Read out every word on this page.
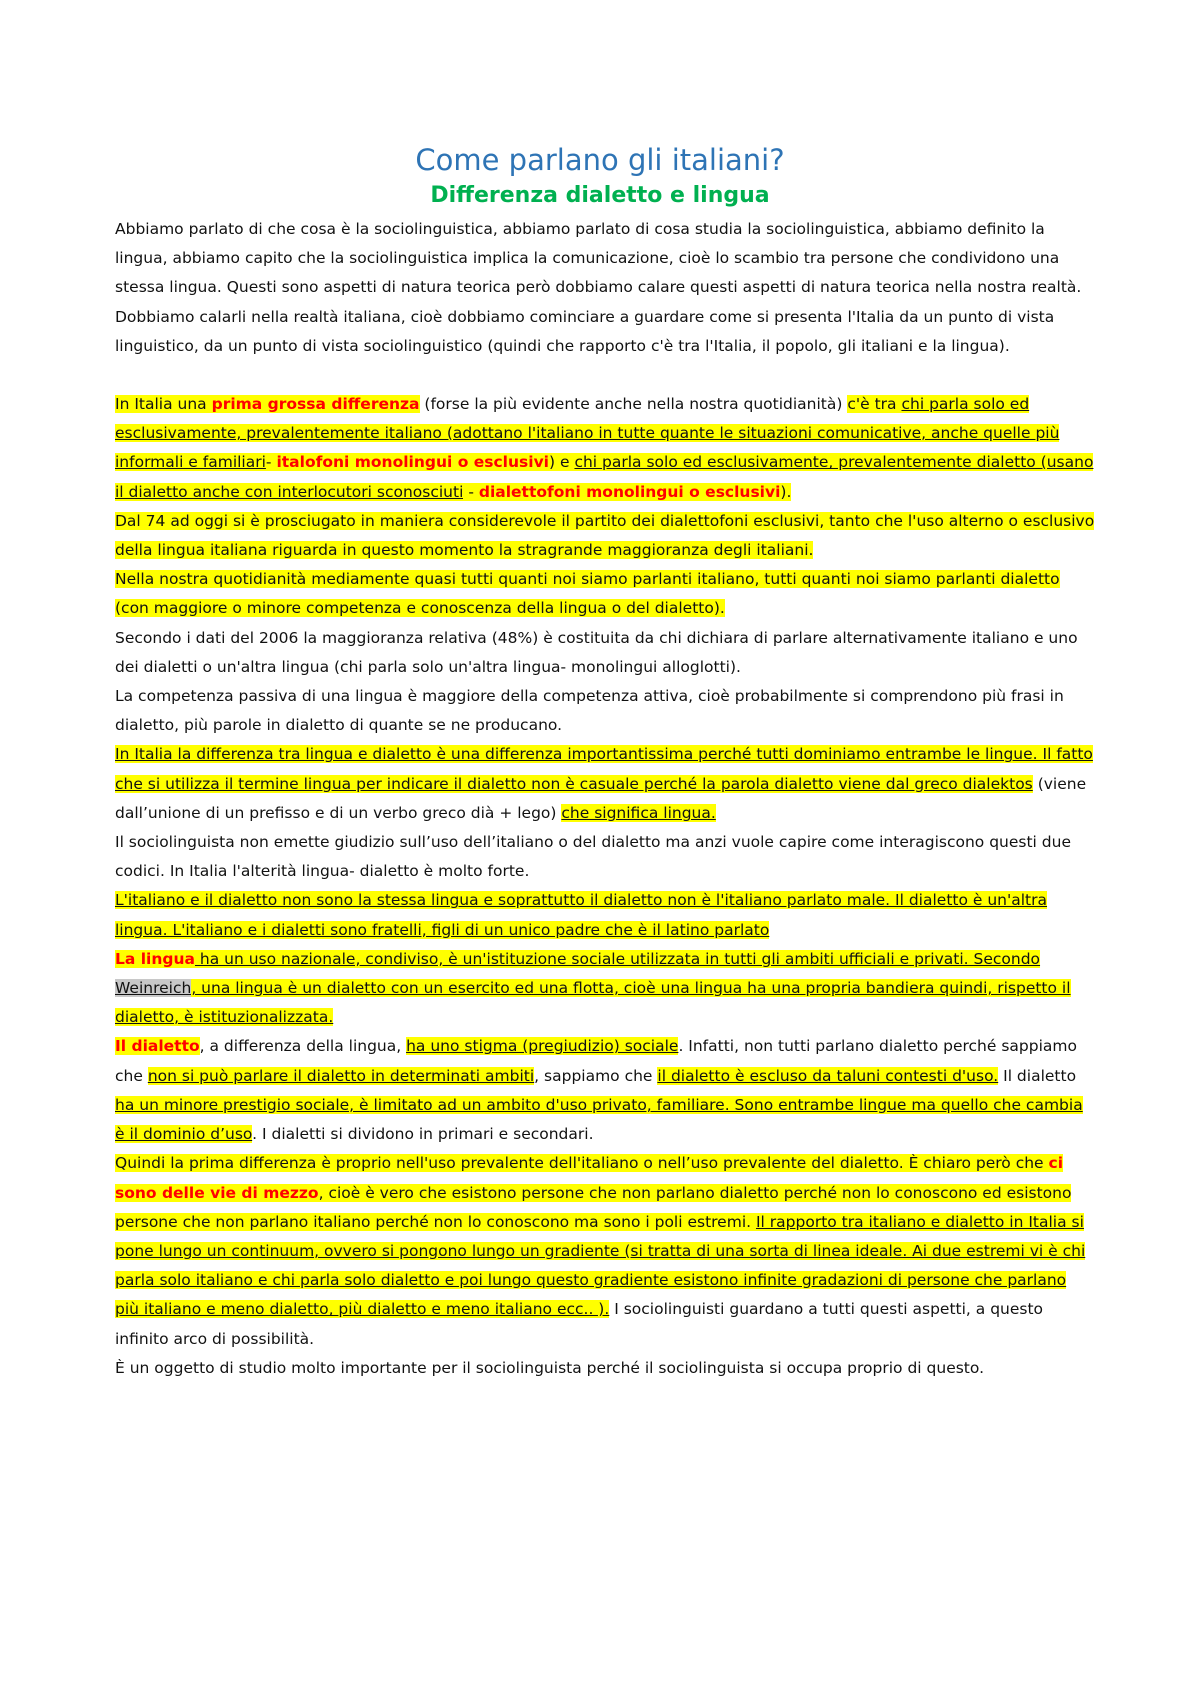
Come parlano gli italiani?
Differenza dialetto e lingua

Abbiamo parlato di che cosa è la sociolinguistica, abbiamo parlato di cosa studia la sociolinguistica, abbiamo definito la lingua, abbiamo capito che la sociolinguistica implica la comunicazione, cioè lo scambio tra persone che condividono una stessa lingua. Questi sono aspetti di natura teorica però dobbiamo calare questi aspetti di natura teorica nella nostra realtà. Dobbiamo calarli nella realtà italiana, cioè dobbiamo cominciare a guardare come si presenta l'Italia da un punto di vista linguistico, da un punto di vista sociolinguistico (quindi che rapporto c'è tra l'Italia, il popolo, gli italiani e la lingua).

In Italia una prima grossa differenza (forse la più evidente anche nella nostra quotidianità) c'è tra chi parla solo ed esclusivamente, prevalentemente italiano (adottano l'italiano in tutte quante le situazioni comunicative, anche quelle più informali e familiari- italofoni monolingui o esclusivi) e chi parla solo ed esclusivamente, prevalentemente dialetto (usano il dialetto anche con interlocutori sconosciuti - dialettofoni monolingui o esclusivi).

Dal 74 ad oggi si è prosciugato in maniera considerevole il partito dei dialettofoni esclusivi, tanto che l'uso alterno o esclusivo della lingua italiana riguarda in questo momento la stragrande maggioranza degli italiani.

Nella nostra quotidianità mediamente quasi tutti quanti noi siamo parlanti italiano, tutti quanti noi siamo parlanti dialetto (con maggiore o minore competenza e conoscenza della lingua o del dialetto).

Secondo i dati del 2006 la maggioranza relativa (48%) è costituita da chi dichiara di parlare alternativamente italiano e uno dei dialetti o un'altra lingua (chi parla solo un'altra lingua- monolingui alloglotti).

La competenza passiva di una lingua è maggiore della competenza attiva, cioè probabilmente si comprendono più frasi in dialetto, più parole in dialetto di quante se ne producano.

In Italia la differenza tra lingua e dialetto è una differenza importantissima perché tutti dominiamo entrambe le lingue. Il fatto che si utilizza il termine lingua per indicare il dialetto non è casuale perché la parola dialetto viene dal greco dialektos (viene dall’unione di un prefisso e di un verbo greco dià + lego) che significa lingua.

Il sociolinguista non emette giudizio sull’uso dell’italiano o del dialetto ma anzi vuole capire come interagiscono questi due codici. In Italia l'alterità lingua- dialetto è molto forte.

L'italiano e il dialetto non sono la stessa lingua e soprattutto il dialetto non è l'italiano parlato male. Il dialetto è un'altra lingua. L'italiano e i dialetti sono fratelli, figli di un unico padre che è il latino parlato

La lingua ha un uso nazionale, condiviso, è un'istituzione sociale utilizzata in tutti gli ambiti ufficiali e privati. Secondo Weinreich, una lingua è un dialetto con un esercito ed una flotta, cioè una lingua ha una propria bandiera quindi, rispetto il dialetto, è istituzionalizzata.

Il dialetto, a differenza della lingua, ha uno stigma (pregiudizio) sociale. Infatti, non tutti parlano dialetto perché sappiamo che non si può parlare il dialetto in determinati ambiti, sappiamo che il dialetto è escluso da taluni contesti d'uso. Il dialetto ha un minore prestigio sociale, è limitato ad un ambito d'uso privato, familiare. Sono entrambe lingue ma quello che cambia è il dominio d’uso. I dialetti si dividono in primari e secondari.

Quindi la prima differenza è proprio nell'uso prevalente dell'italiano o nell’uso prevalente del dialetto. È chiaro però che ci sono delle vie di mezzo, cioè è vero che esistono persone che non parlano dialetto perché non lo conoscono ed esistono persone che non parlano italiano perché non lo conoscono ma sono i poli estremi. Il rapporto tra italiano e dialetto in Italia si pone lungo un continuum, ovvero si pongono lungo un gradiente (si tratta di una sorta di linea ideale. Ai due estremi vi è chi parla solo italiano e chi parla solo dialetto e poi lungo questo gradiente esistono infinite gradazioni di persone che parlano più italiano e meno dialetto, più dialetto e meno italiano ecc.. ). I sociolinguisti guardano a tutti questi aspetti, a questo infinito arco di possibilità.

È un oggetto di studio molto importante per il sociolinguista perché il sociolinguista si occupa proprio di questo.
